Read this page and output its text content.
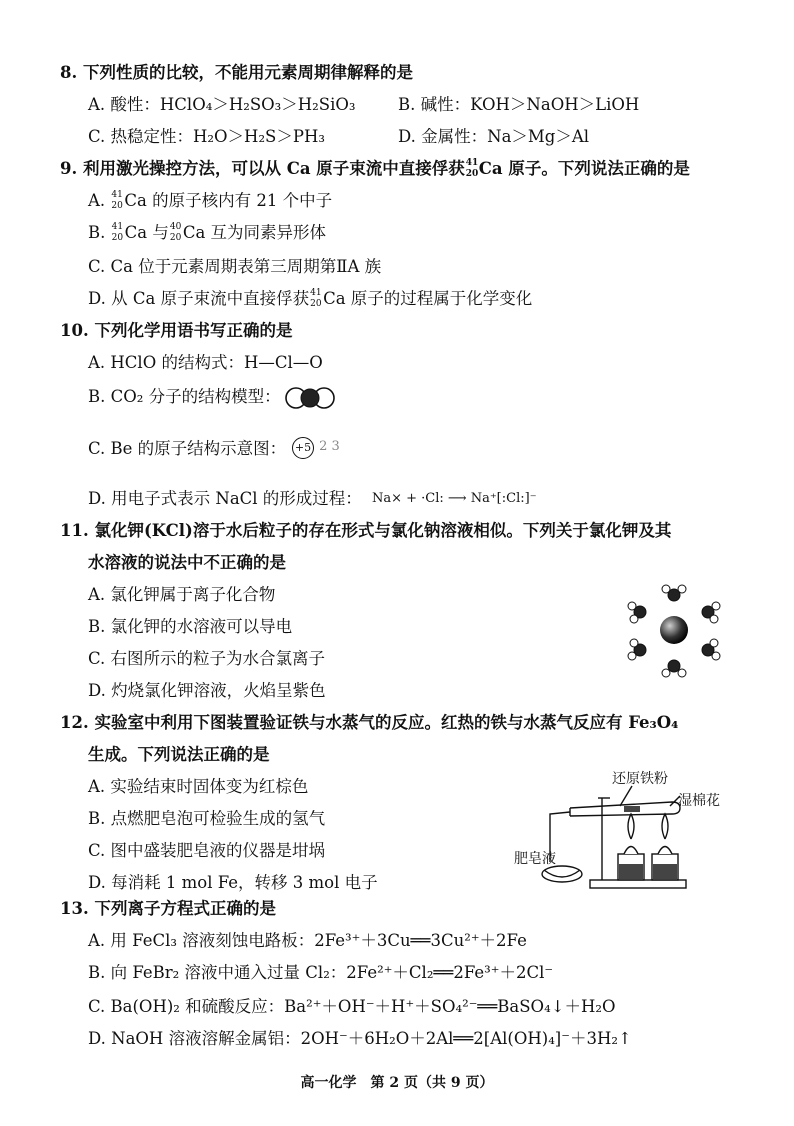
8. 下列性质的比较，不能用元素周期律解释的是
A. 酸性：HClO₄＞H₂SO₃＞H₂SiO₃	B. 碱性：KOH＞NaOH＞LiOH
C. 热稳定性：H₂O＞H₂S＞PH₃	D. 金属性：Na＞Mg＞Al
9. 利用激光操控方法，可以从 Ca 原子束流中直接俘获 41
20 Ca 原子。下列说法正确的是
A. 41
20 Ca 的原子核内有 21 个中子
B. 41
20 Ca 与 40
20 Ca 互为同素异形体
C. Ca 位于元素周期表第三周期第ⅡA 族
D. 从 Ca 原子束流中直接俘获 41
20 Ca 原子的过程属于化学变化
10. 下列化学用语书写正确的是
A. HClO 的结构式：H—Cl—O
B. CO₂ 分子的结构模型：
C. Be 的原子结构示意图： +5 $^{2 3}$
D. 用电子式表示 NaCl 的形成过程： Na× + ·Cl: ⟶ Na⁺[:Cl:]⁻
11. 氯化钾(KCl)溶于水后粒子的存在形式与氯化钠溶液相似。下列关于氯化钾及其
水溶液的说法中不正确的是
A. 氯化钾属于离子化合物
B. 氯化钾的水溶液可以导电
C. 右图所示的粒子为水合氯离子
D. 灼烧氯化钾溶液，火焰呈紫色
12. 实验室中利用下图装置验证铁与水蒸气的反应。红热的铁与水蒸气反应有 Fe₃O₄
生成。下列说法正确的是
A. 实验结束时固体变为红棕色
B. 点燃肥皂泡可检验生成的氢气
C. 图中盛装肥皂液的仪器是坩埚
D. 每消耗 1 mol Fe，转移 3 mol 电子
还原铁粉
湿棉花
肥皂液
13. 下列离子方程式正确的是
A. 用 FeCl₃ 溶液刻蚀电路板：2Fe³⁺＋3Cu══3Cu²⁺＋2Fe
B. 向 FeBr₂ 溶液中通入过量 Cl₂：2Fe²⁺＋Cl₂══2Fe³⁺＋2Cl⁻
C. Ba(OH)₂ 和硫酸反应：Ba²⁺＋OH⁻＋H⁺＋SO₄²⁻══BaSO₄↓＋H₂O
D. NaOH 溶液溶解金属铝：2OH⁻＋6H₂O＋2Al══2[Al(OH)₄]⁻＋3H₂↑
高一化学　第 2 页（共 9 页）
